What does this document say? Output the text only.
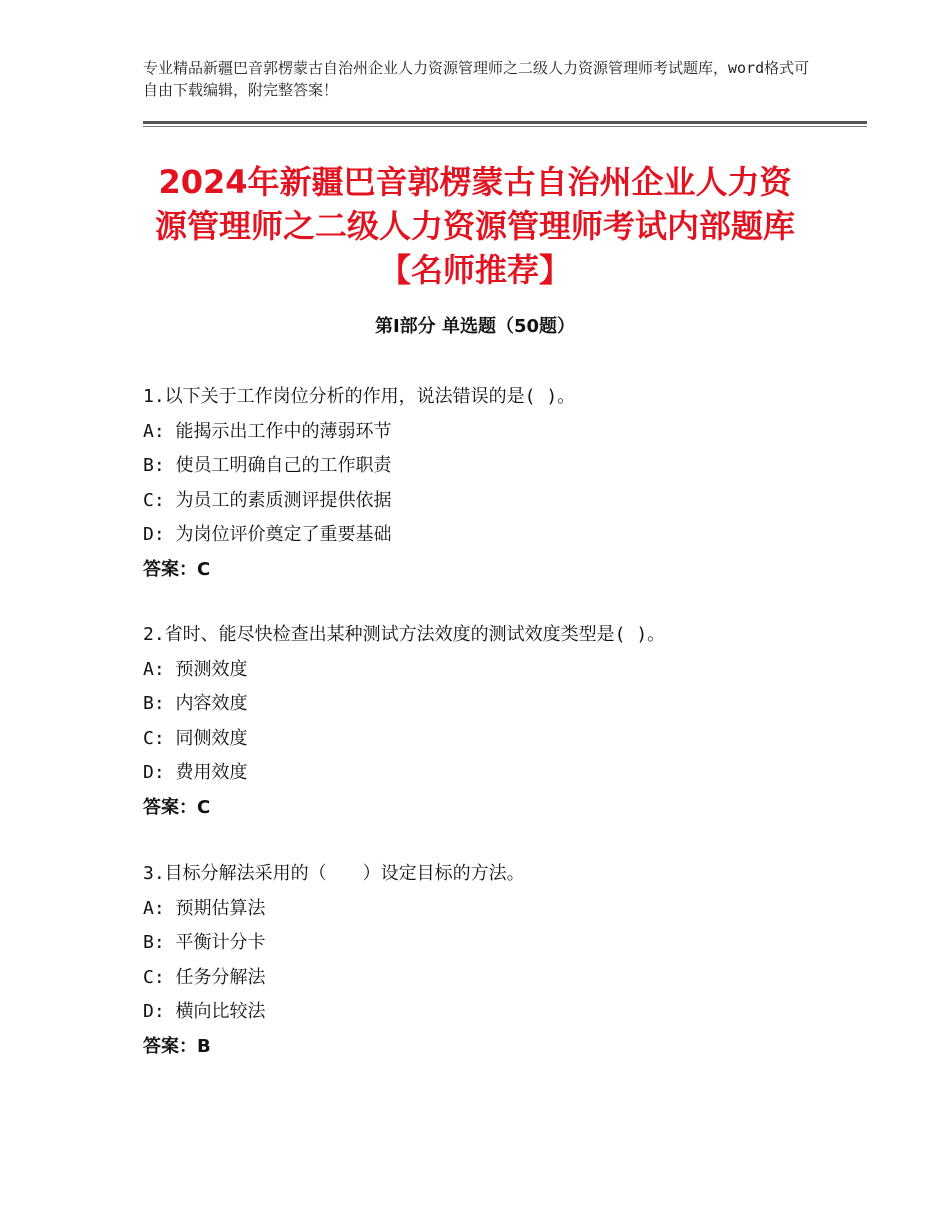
专业精品新疆巴音郭楞蒙古自治州企业人力资源管理师之二级人力资源管理师考试题库，word格式可自由下载编辑，附完整答案！
2024年新疆巴音郭楞蒙古自治州企业人力资源管理师之二级人力资源管理师考试内部题库【名师推荐】
第Ⅰ部分 单选题（50题）
1.以下关于工作岗位分析的作用，说法错误的是( )。
A: 能揭示出工作中的薄弱环节
B: 使员工明确自己的工作职责
C: 为员工的素质测评提供依据
D: 为岗位评价奠定了重要基础
答案：C
2.省时、能尽快检查出某种测试方法效度的测试效度类型是( )。
A: 预测效度
B: 内容效度
C: 同侧效度
D: 费用效度
答案：C
3.目标分解法采用的（　　）设定目标的方法。
A: 预期估算法
B: 平衡计分卡
C: 任务分解法
D: 横向比较法
答案：B
